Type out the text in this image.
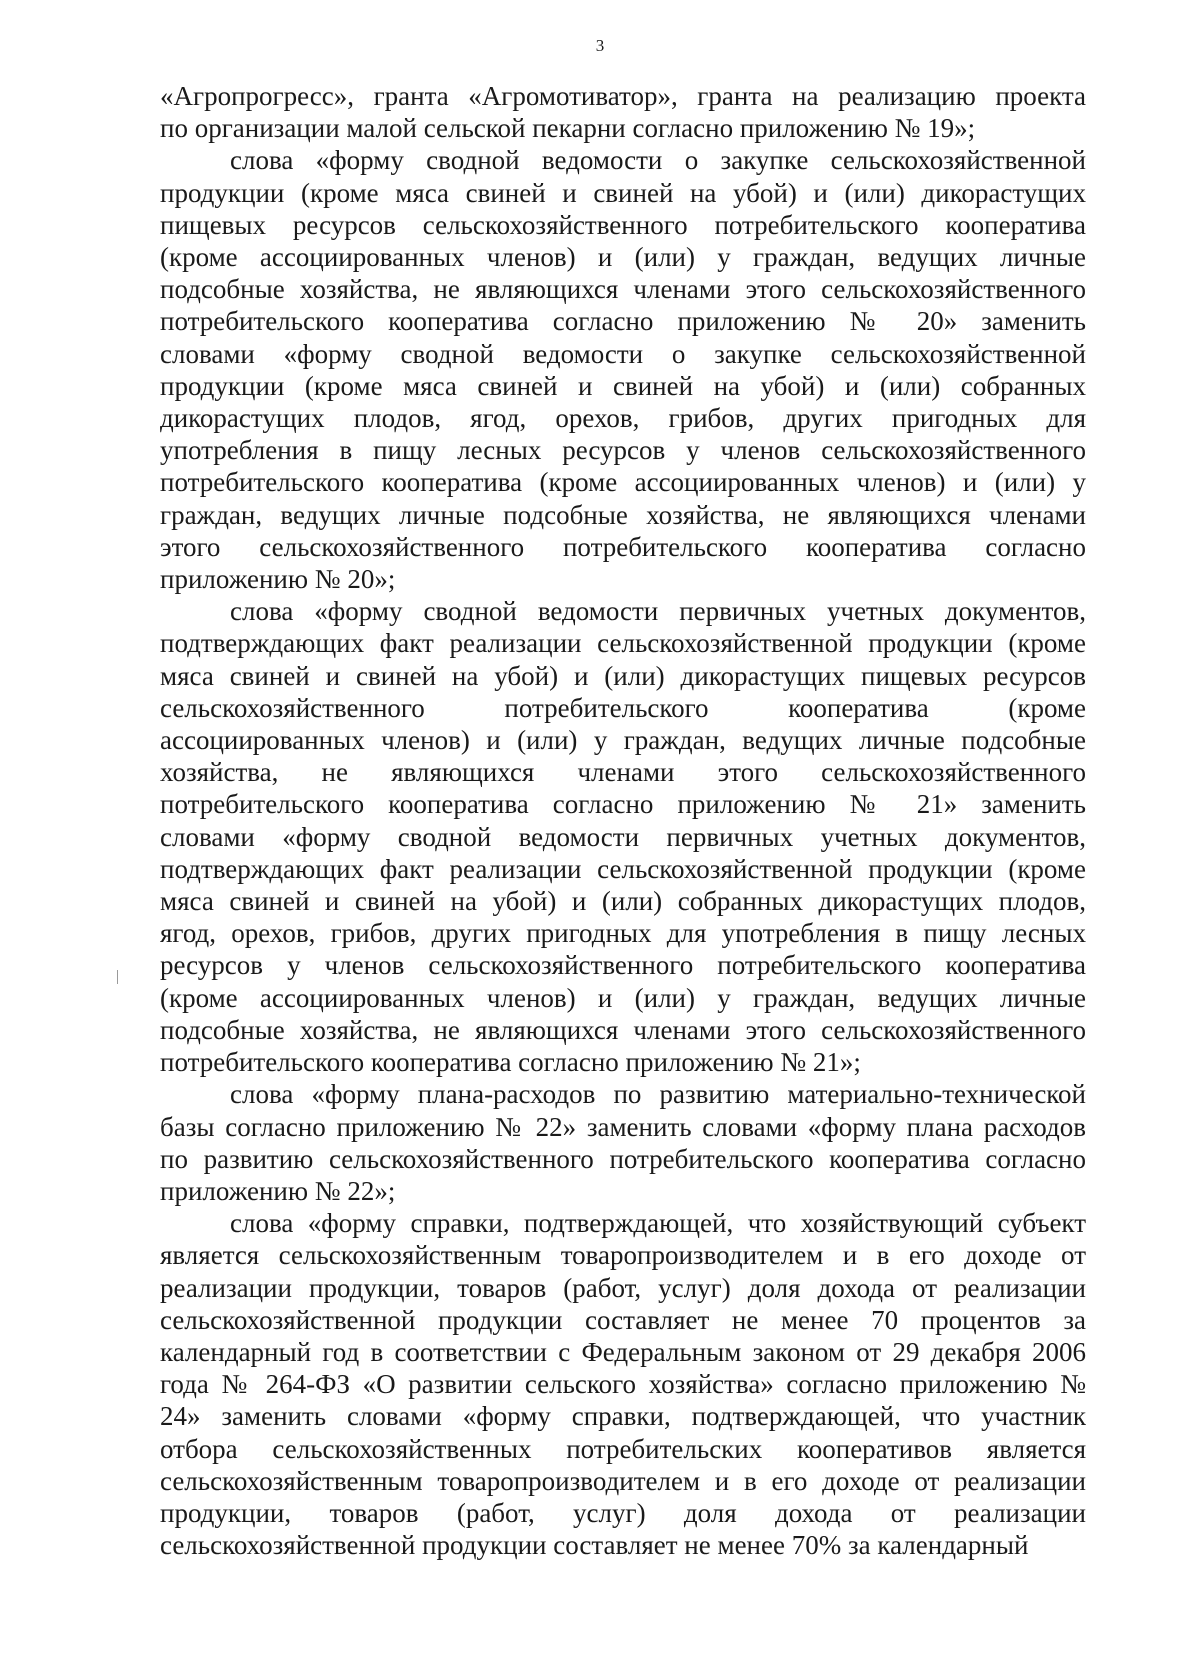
3
«Агропрогресс», гранта «Агромотиватор», гранта на реализацию проекта
по организации малой сельской пекарни согласно приложению № 19»;
слова «форму сводной ведомости о закупке сельскохозяйственной
продукции (кроме мяса свиней и свиней на убой) и (или) дикорастущих
пищевых ресурсов сельскохозяйственного потребительского кооператива
(кроме ассоциированных членов) и (или) у граждан, ведущих личные
подсобные хозяйства, не являющихся членами этого сельскохозяйственного
потребительского кооператива согласно приложению № 20» заменить
словами «форму сводной ведомости о закупке сельскохозяйственной
продукции (кроме мяса свиней и свиней на убой) и (или) собранных
дикорастущих плодов, ягод, орехов, грибов, других пригодных для
употребления в пищу лесных ресурсов у членов сельскохозяйственного
потребительского кооператива (кроме ассоциированных членов) и (или) у
граждан, ведущих личные подсобные хозяйства, не являющихся членами
этого сельскохозяйственного потребительского кооператива согласно
приложению № 20»;
слова «форму сводной ведомости первичных учетных документов,
подтверждающих факт реализации сельскохозяйственной продукции (кроме
мяса свиней и свиней на убой) и (или) дикорастущих пищевых ресурсов
сельскохозяйственного потребительского кооператива (кроме
ассоциированных членов) и (или) у граждан, ведущих личные подсобные
хозяйства, не являющихся членами этого сельскохозяйственного
потребительского кооператива согласно приложению № 21» заменить
словами «форму сводной ведомости первичных учетных документов,
подтверждающих факт реализации сельскохозяйственной продукции (кроме
мяса свиней и свиней на убой) и (или) собранных дикорастущих плодов,
ягод, орехов, грибов, других пригодных для употребления в пищу лесных
ресурсов у членов сельскохозяйственного потребительского кооператива
(кроме ассоциированных членов) и (или) у граждан, ведущих личные
подсобные хозяйства, не являющихся членами этого сельскохозяйственного
потребительского кооператива согласно приложению № 21»;
слова «форму плана-расходов по развитию материально-технической
базы согласно приложению № 22» заменить словами «форму плана расходов
по развитию сельскохозяйственного потребительского кооператива согласно
приложению № 22»;
слова «форму справки, подтверждающей, что хозяйствующий субъект
является сельскохозяйственным товаропроизводителем и в его доходе от
реализации продукции, товаров (работ, услуг) доля дохода от реализации
сельскохозяйственной продукции составляет не менее 70 процентов за
календарный год в соответствии с Федеральным законом от 29 декабря 2006
года № 264-ФЗ «О развитии сельского хозяйства» согласно приложению №
24» заменить словами «форму справки, подтверждающей, что участник
отбора сельскохозяйственных потребительских кооперативов является
сельскохозяйственным товаропроизводителем и в его доходе от реализации
продукции, товаров (работ, услуг) доля дохода от реализации
сельскохозяйственной продукции составляет не менее 70% за календарный
